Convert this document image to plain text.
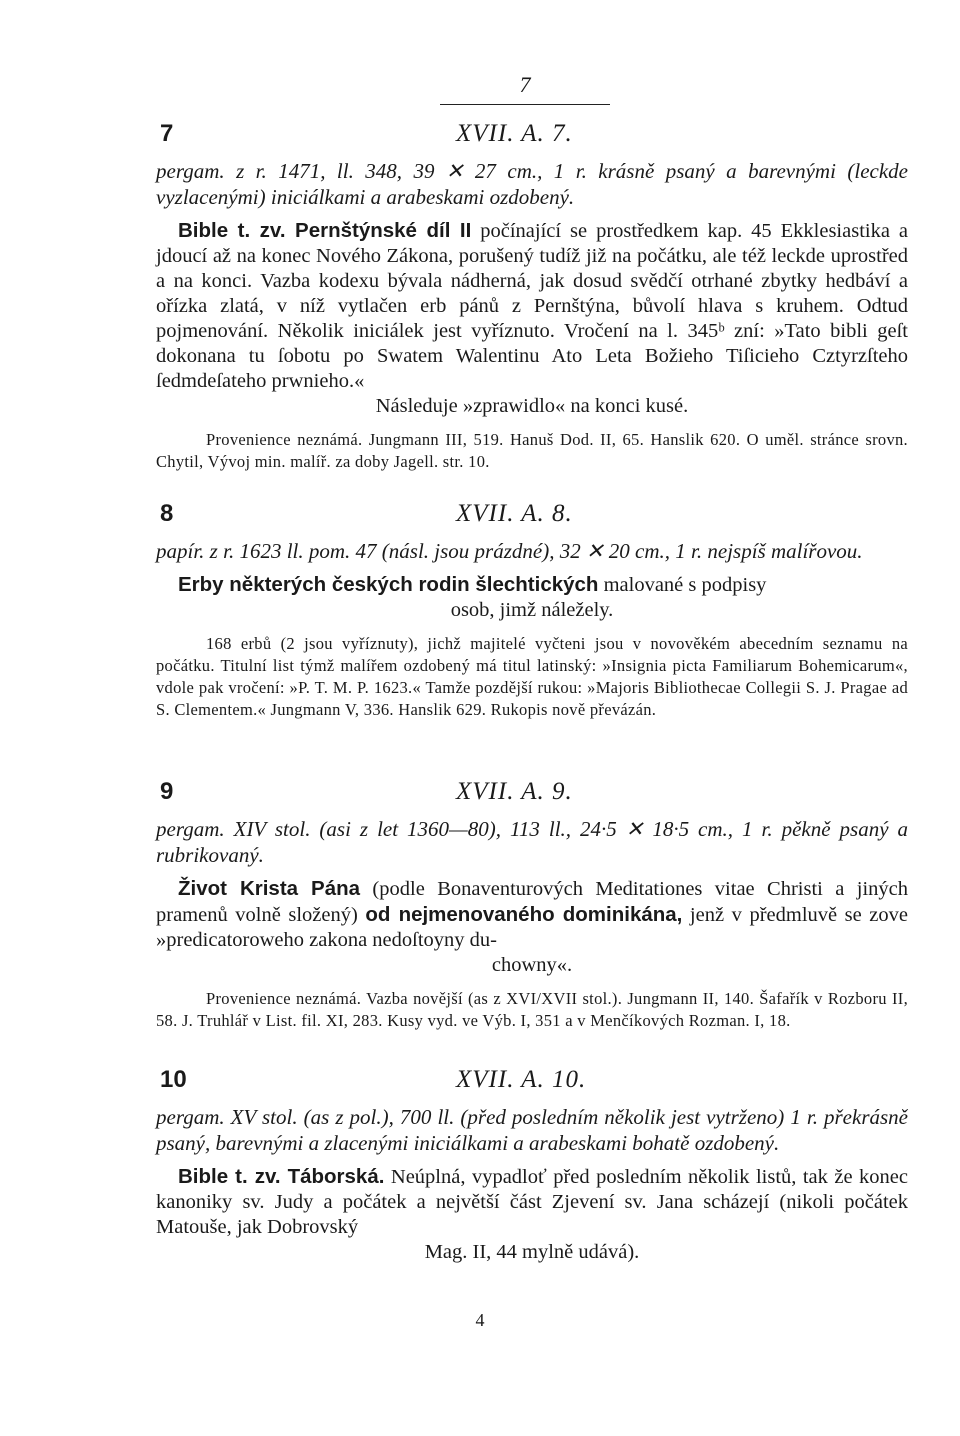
7
7	XVII. A. 7.
pergam. z r. 1471, ll. 348, 39 ✕ 27 cm., 1 r. krásně psaný a barevnými (leckde vyzlacenými) iniciálkami a arabeskami ozdobený.

Bible t. zv. Pernštýnské díl II počínající se prostředkem kap. 45 Ekklesiastika a jdoucí až na konec Nového Zákona, porušený tudíž již na počátku, ale též leckde uprostřed a na konci. Vazba kodexu bývala nádherná, jak dosud svědčí otrhané zbytky hedbáví a ořízka zlatá, v níž vytlačen erb pánů z Pernštýna, bůvolí hlava s kruhem. Odtud pojmenování. Několik iniciálek jest vyříznuto. Vročení na l. 345ᵇ zní: »Tato bibli geſt dokonana tu ſobotu po Swatem Walentinu Ato Leta Božieho Tiſicieho Cztyrzſteho ſedmdeſateho prwnieho.«
Následuje »zprawidlo« na konci kusé.

Provenience neznámá. Jungmann III, 519. Hanuš Dod. II, 65. Hanslik 620. O uměl. stránce srovn. Chytil, Vývoj min. malíř. za doby Jagell. str. 10.

8	XVII. A. 8.
papír. z r. 1623 ll. pom. 47 (násl. jsou prázdné), 32 ✕ 20 cm., 1 r. nejspíš malířovou.

Erby některých českých rodin šlechtických malované s podpisy
osob, jimž náležely.

168 erbů (2 jsou vyříznuty), jichž majitelé vyčteni jsou v novověkém abecedním seznamu na počátku. Titulní list týmž malířem ozdobený má titul latinský: »Insignia picta Familiarum Bohemicarum«, vdole pak vročení: »P. T. M. P. 1623.« Tamže pozdější rukou: »Majoris Bibliothecae Collegii S. J. Pragae ad S. Clementem.« Jungmann V, 336. Hanslik 629. Rukopis nově převázán.

9	XVII. A. 9.
pergam. XIV stol. (asi z let 1360—80), 113 ll., 24·5 ✕ 18·5 cm., 1 r. pěkně psaný a rubrikovaný.

Život Krista Pána (podle Bonaventurových Meditationes vitae Christi a jiných pramenů volně složený) od nejmenovaného dominikána, jenž v předmluvě se zove »predicatoroweho zakona nedoſtoyny du-
chowny«.

Provenience neznámá. Vazba novější (as z XVI/XVII stol.). Jungmann II, 140. Šafařík v Rozboru II, 58. J. Truhlář v List. fil. XI, 283. Kusy vyd. ve Výb. I, 351 a v Menčíkových Rozman. I, 18.

10	XVII. A. 10.
pergam. XV stol. (as z pol.), 700 ll. (před posledním několik jest vytrženo) 1 r. překrásně psaný, barevnými a zlacenými iniciálkami a arabeskami bohatě ozdobený.

Bible t. zv. Táborská. Neúplná, vypadloť před posledním několik listů, tak že konec kanoniky sv. Judy a počátek a největší část Zjevení sv. Jana scházejí (nikoli počátek Matouše, jak Dobrovský
Mag. II, 44 mylně udává).

4
